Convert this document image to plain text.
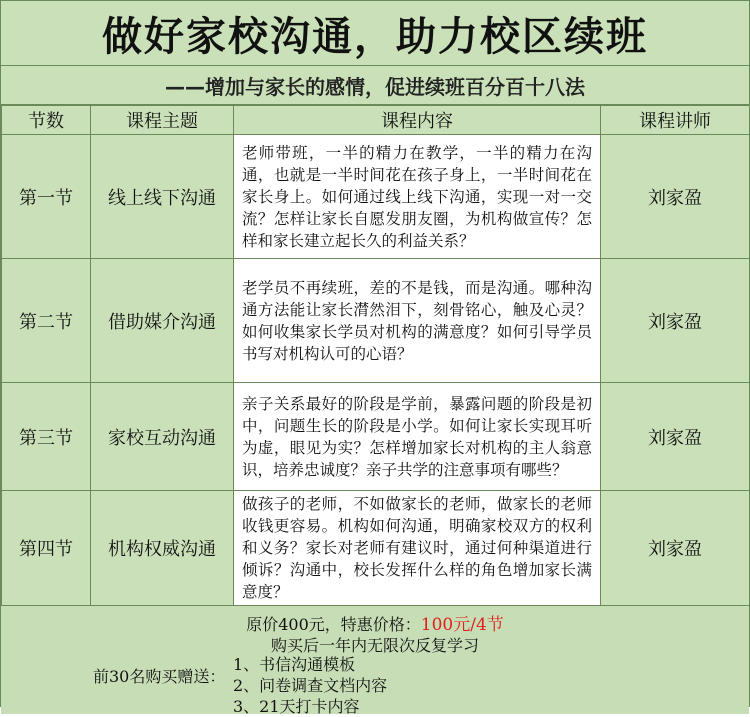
做好家校沟通，助力校区续班
——增加与家长的感情，促进续班百分百十八法
节数	课程主题	课程内容	课程讲师
第一节	线上线下沟通	老师带班，一半的精力在教学，一半的精力在沟通，也就是一半时间花在孩子身上，一半时间花在家长身上。如何通过线上线下沟通，实现一对一交流？怎样让家长自愿发朋友圈，为机构做宣传？怎样和家长建立起长久的利益关系？	刘家盈
第二节	借助媒介沟通	老学员不再续班，差的不是钱，而是沟通。哪种沟通方法能让家长潸然泪下，刻骨铭心，触及心灵？如何收集家长学员对机构的满意度？如何引导学员书写对机构认可的心语？	刘家盈
第三节	家校互动沟通	亲子关系最好的阶段是学前，暴露问题的阶段是初中，问题生长的阶段是小学。如何让家长实现耳听为虚，眼见为实？怎样增加家长对机构的主人翁意识，培养忠诚度？亲子共学的注意事项有哪些？	刘家盈
第四节	机构权威沟通	做孩子的老师，不如做家长的老师，做家长的老师收钱更容易。机构如何沟通，明确家校双方的权利和义务？家长对老师有建议时，通过何种渠道进行倾诉？沟通中，校长发挥什么样的角色增加家长满意度？	刘家盈
原价400元，特惠价格：100元/4节
购买后一年内无限次反复学习
前30名购买赠送：
1、书信沟通模板
2、问卷调查文档内容
3、21天打卡内容
